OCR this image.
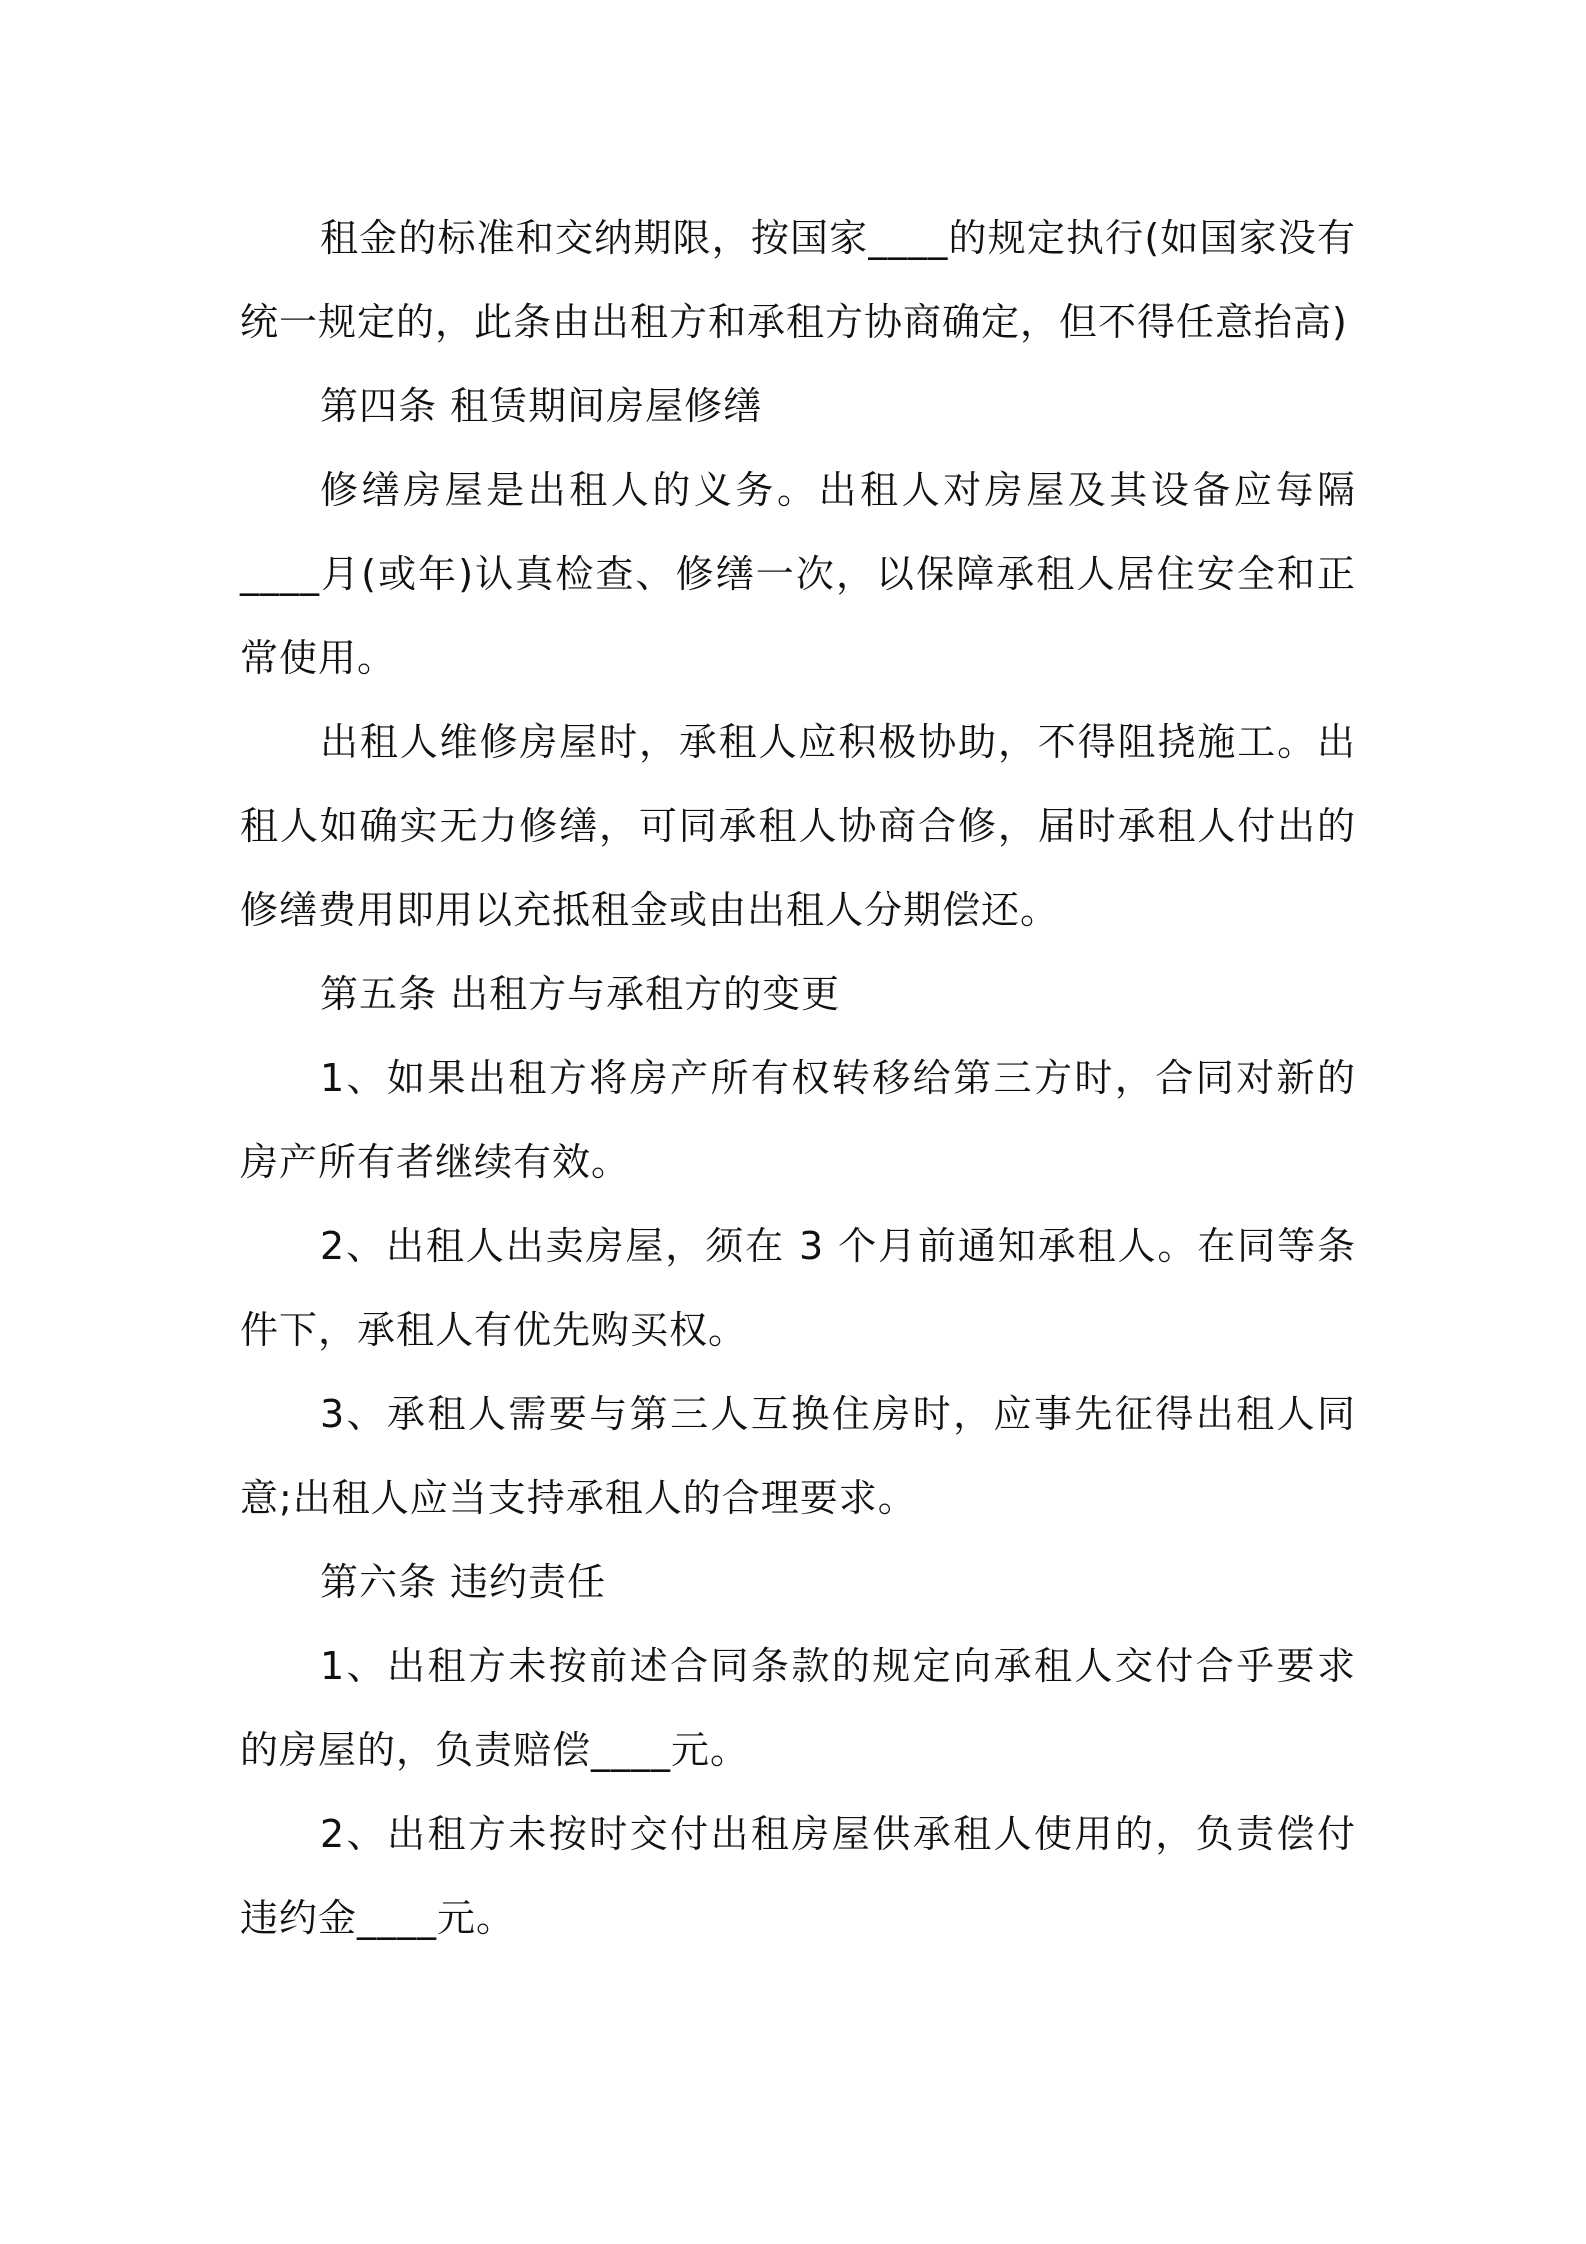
租金的标准和交纳期限，按国家____的规定执行(如国家没有统一规定的，此条由出租方和承租方协商确定，但不得任意抬高)

第四条 租赁期间房屋修缮

修缮房屋是出租人的义务。出租人对房屋及其设备应每隔____月(或年)认真检查、修缮一次，以保障承租人居住安全和正常使用。

出租人维修房屋时，承租人应积极协助，不得阻挠施工。出租人如确实无力修缮，可同承租人协商合修，届时承租人付出的修缮费用即用以充抵租金或由出租人分期偿还。

第五条 出租方与承租方的变更

1、如果出租方将房产所有权转移给第三方时，合同对新的房产所有者继续有效。

2、出租人出卖房屋，须在 3 个月前通知承租人。在同等条件下，承租人有优先购买权。

3、承租人需要与第三人互换住房时，应事先征得出租人同意;出租人应当支持承租人的合理要求。

第六条 违约责任

1、出租方未按前述合同条款的规定向承租人交付合乎要求的房屋的，负责赔偿____元。

2、出租方未按时交付出租房屋供承租人使用的，负责偿付违约金____元。
